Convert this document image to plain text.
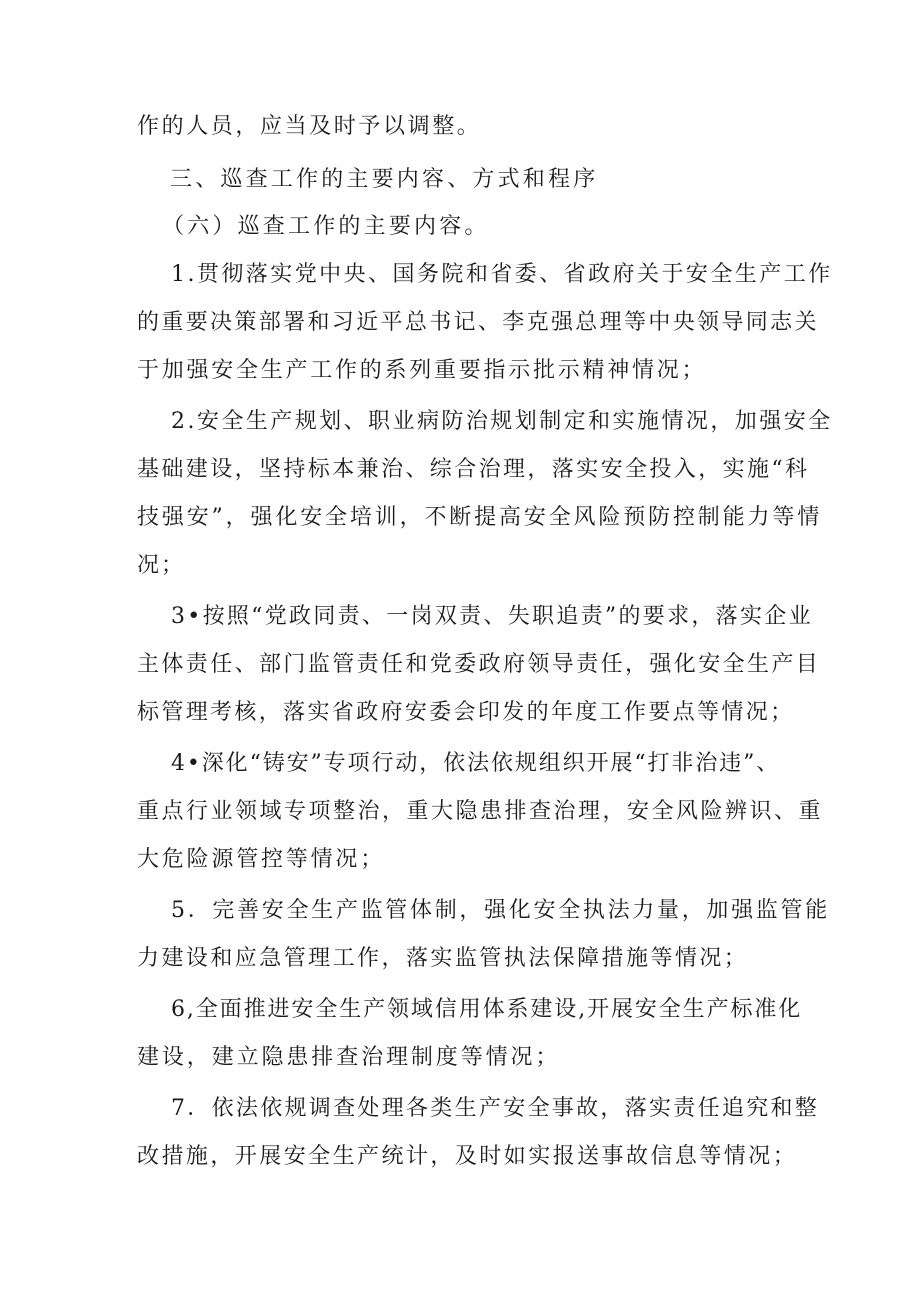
作的人员，应当及时予以调整。
三、巡查工作的主要内容、方式和程序
（六）巡查工作的主要内容。
1.贯彻落实党中央、国务院和省委、省政府关于安全生产工作
的重要决策部署和习近平总书记、李克强总理等中央领导同志关
于加强安全生产工作的系列重要指示批示精神情况；
2.安全生产规划、职业病防治规划制定和实施情况，加强安全
基础建设，坚持标本兼治、综合治理，落实安全投入，实施“科
技强安”，强化安全培训，不断提高安全风险预防控制能力等情
况；
3•按照“党政同责、一岗双责、失职追责”的要求，落实企业
主体责任、部门监管责任和党委政府领导责任，强化安全生产目
标管理考核，落实省政府安委会印发的年度工作要点等情况；
4•深化“铸安”专项行动，依法依规组织开展“打非治违”、
重点行业领域专项整治，重大隐患排查治理，安全风险辨识、重
大危险源管控等情况；
5．完善安全生产监管体制，强化安全执法力量，加强监管能
力建设和应急管理工作，落实监管执法保障措施等情况；
6,全面推进安全生产领域信用体系建设,开展安全生产标准化
建设，建立隐患排查治理制度等情况；
7．依法依规调查处理各类生产安全事故，落实责任追究和整
改措施，开展安全生产统计，及时如实报送事故信息等情况；
